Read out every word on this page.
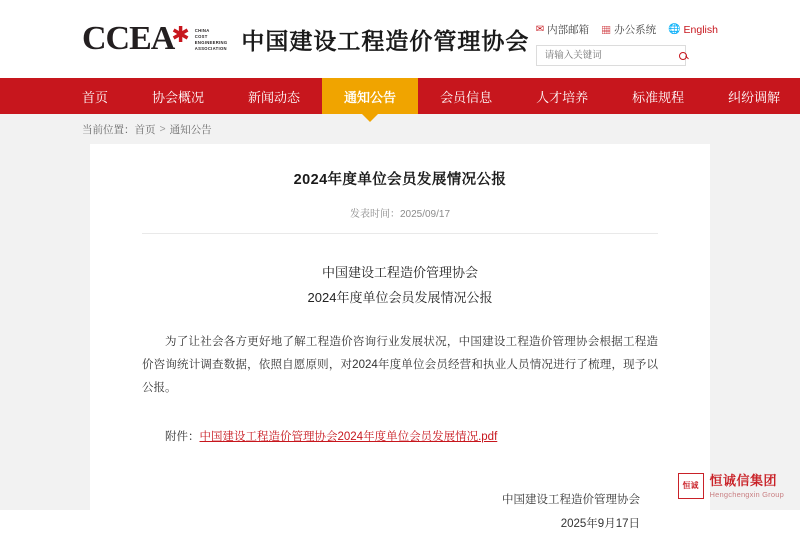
CCEA
✱ CHINA
COST
ENGINEERING
ASSOCIATION 中国建设工程造价管理协会 ✉ 内部邮箱 ▦ 办公系统 🌐 English
请输入关键词
首页	协会概况	新闻动态	通知公告	会员信息	人才培养	标准规程	纠纷调解
当前位置： 首页 > 通知公告
2024年度单位会员发展情况公报
发表时间：2025/09/17
中国建设工程造价管理协会
2024年度单位会员发展情况公报
为了让社会各方更好地了解工程造价咨询行业发展状况，中国建设工程造价管理协会根据工程造价咨询统计调查数据，依照自愿原则，对2024年度单位会员经营和执业人员情况进行了梳理，现予以公报。
附件：中国建设工程造价管理协会2024年度单位会员发展情况.pdf
中国建设工程造价管理协会
2025年9月17日
恒诚 恒诚信集团
Hengchengxin Group
